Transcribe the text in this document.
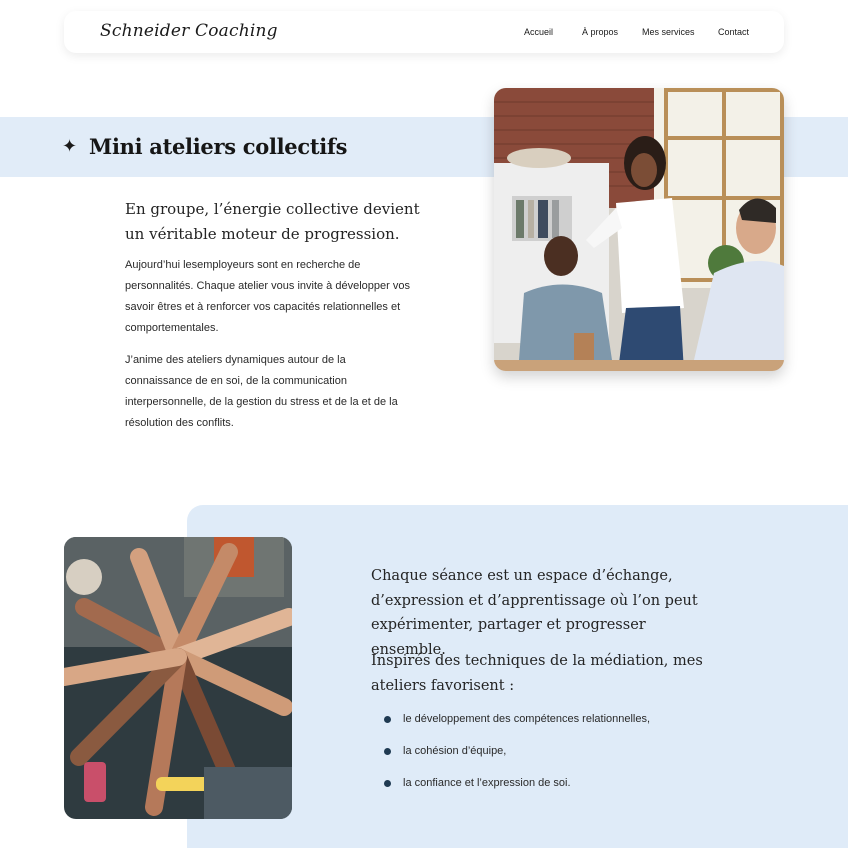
Schneider Coaching	Accueil	À propos	Mes services	Contact
✦ Mini ateliers collectifs
En groupe, l’énergie collective devient un véritable moteur de progression.

Aujourd’hui lesemployeurs sont en recherche de personnalités. Chaque atelier vous invite à développer vos savoir êtres et à renforcer vos capacités relationnelles et comportementales.

J’anime des ateliers dynamiques autour de la connaissance de en soi, de la communication interpersonnelle, de la gestion du stress et de la et de la résolution des conflits.

Chaque séance est un espace d’échange, d’expression et d’apprentissage où l’on peut expérimenter, partager et progresser ensemble.

Inspirés des techniques de la médiation, mes ateliers favorisent :

le développement des compétences relationnelles,
la cohésion d’équipe,
la confiance et l’expression de soi.
